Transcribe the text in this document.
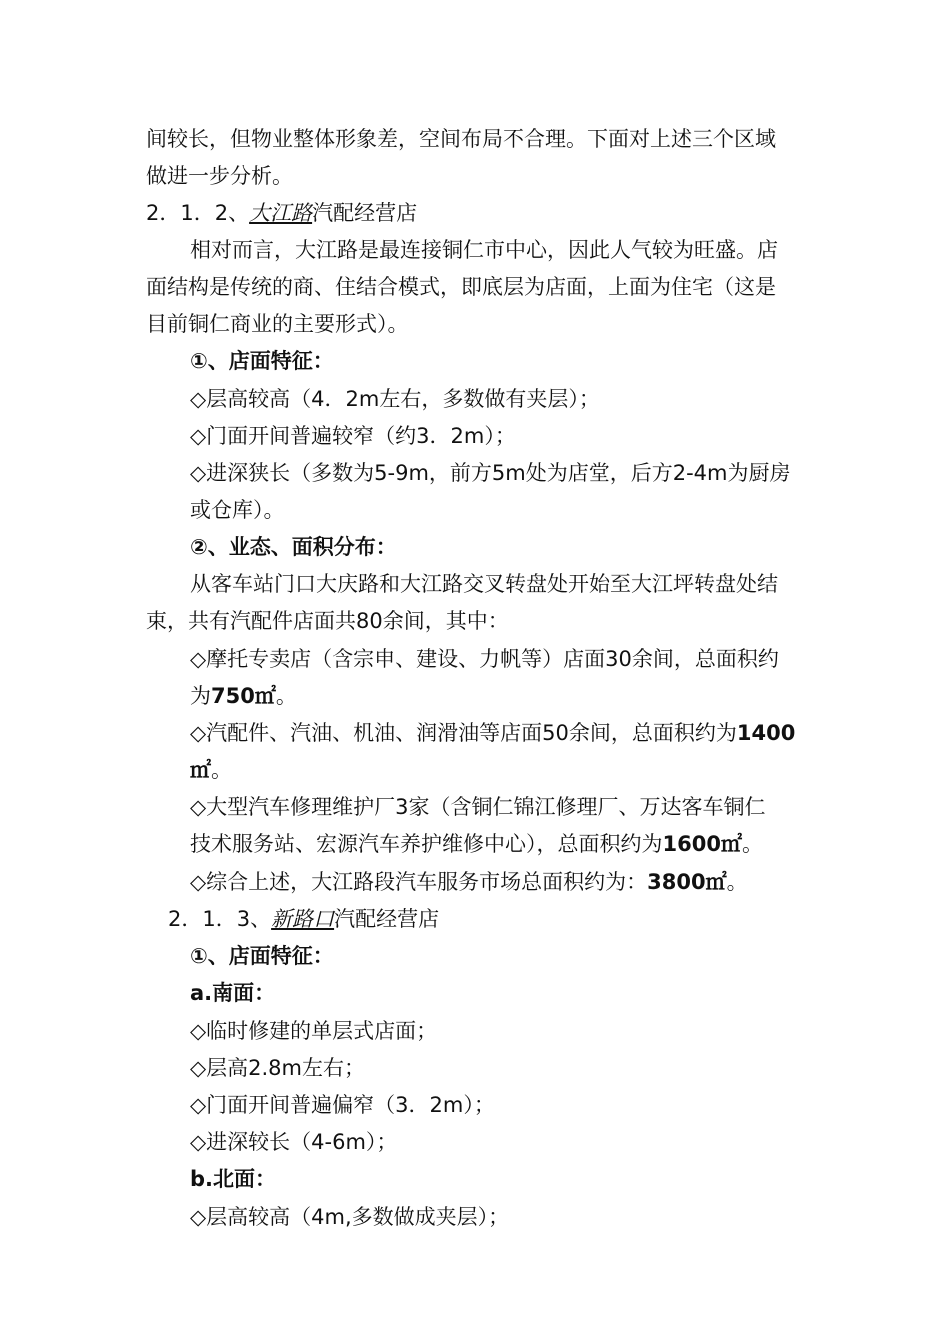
间较长，但物业整体形象差，空间布局不合理。下面对上述三个区域
做进一步分析。
2．1．2、大江路汽配经营店
相对而言，大江路是最连接铜仁市中心，因此人气较为旺盛。店
面结构是传统的商、住结合模式，即底层为店面，上面为住宅（这是
目前铜仁商业的主要形式）。
①、店面特征：
◇层高较高（4．2m左右，多数做有夹层）；
◇门面开间普遍较窄（约3．2m）；
◇进深狭长（多数为5-9m，前方5m处为店堂，后方2-4m为厨房
或仓库）。
②、业态、面积分布：
从客车站门口大庆路和大江路交叉转盘处开始至大江坪转盘处结
束，共有汽配件店面共80余间，其中：
◇摩托专卖店（含宗申、建设、力帆等）店面30余间，总面积约
为750㎡。
◇汽配件、汽油、机油、润滑油等店面50余间，总面积约为1400
㎡。
◇大型汽车修理维护厂3家（含铜仁锦江修理厂、万达客车铜仁
技术服务站、宏源汽车养护维修中心），总面积约为1600㎡。
◇综合上述，大江路段汽车服务市场总面积约为：3800㎡。
2．1．3、新路口汽配经营店
①、店面特征：
a.南面：
◇临时修建的单层式店面；
◇层高2.8m左右；
◇门面开间普遍偏窄（3．2m）；
◇进深较长（4-6m）；
b.北面：
◇层高较高（4m,多数做成夹层）；
